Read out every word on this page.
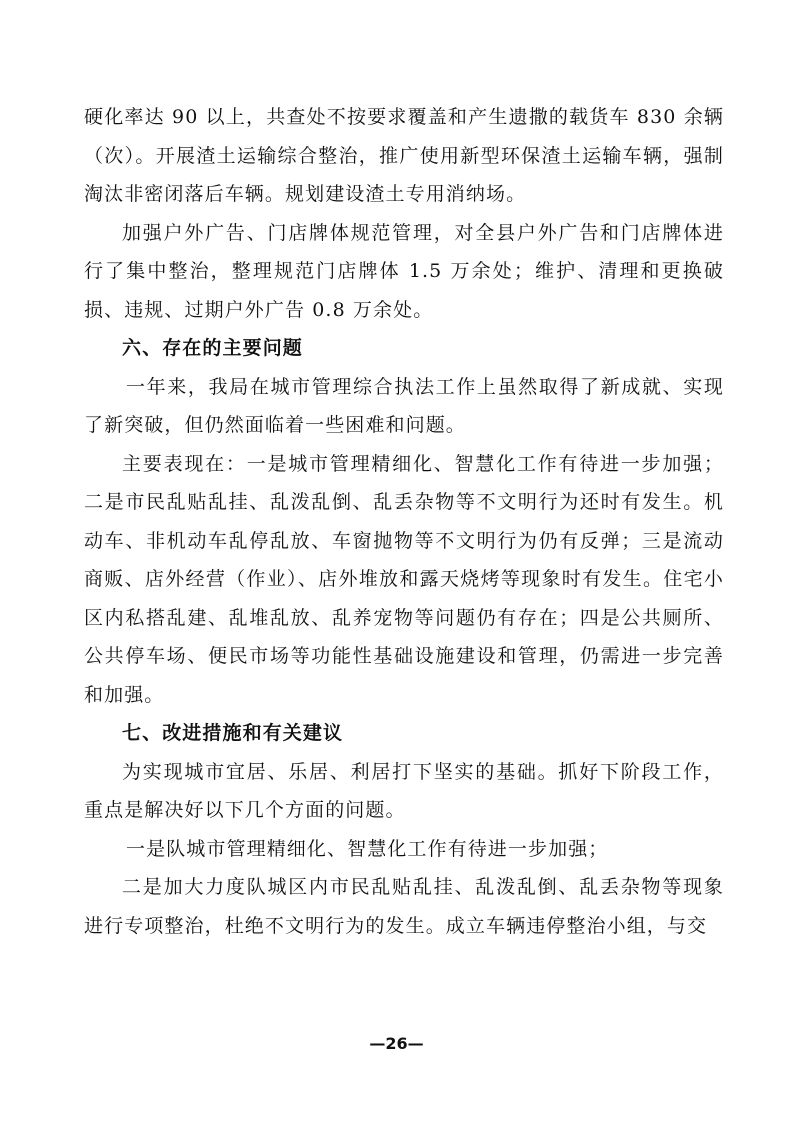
硬化率达 90 以上，共查处不按要求覆盖和产生遗撒的载货车 830 余辆（次）。开展渣土运输综合整治，推广使用新型环保渣土运输车辆，强制淘汰非密闭落后车辆。规划建设渣土专用消纳场。

加强户外广告、门店牌体规范管理，对全县户外广告和门店牌体进行了集中整治，整理规范门店牌体 1.5 万余处；维护、清理和更换破损、违规、过期户外广告 0.8 万余处。

六、存在的主要问题

一年来，我局在城市管理综合执法工作上虽然取得了新成就、实现了新突破，但仍然面临着一些困难和问题。

主要表现在：一是城市管理精细化、智慧化工作有待进一步加强；二是市民乱贴乱挂、乱泼乱倒、乱丢杂物等不文明行为还时有发生。机动车、非机动车乱停乱放、车窗抛物等不文明行为仍有反弹；三是流动商贩、店外经营（作业）、店外堆放和露天烧烤等现象时有发生。住宅小区内私搭乱建、乱堆乱放、乱养宠物等问题仍有存在；四是公共厕所、公共停车场、便民市场等功能性基础设施建设和管理，仍需进一步完善和加强。

七、改进措施和有关建议

为实现城市宜居、乐居、利居打下坚实的基础。抓好下阶段工作，重点是解决好以下几个方面的问题。

一是队城市管理精细化、智慧化工作有待进一步加强；

二是加大力度队城区内市民乱贴乱挂、乱泼乱倒、乱丢杂物等现象进行专项整治，杜绝不文明行为的发生。成立车辆违停整治小组，与交

—26—
